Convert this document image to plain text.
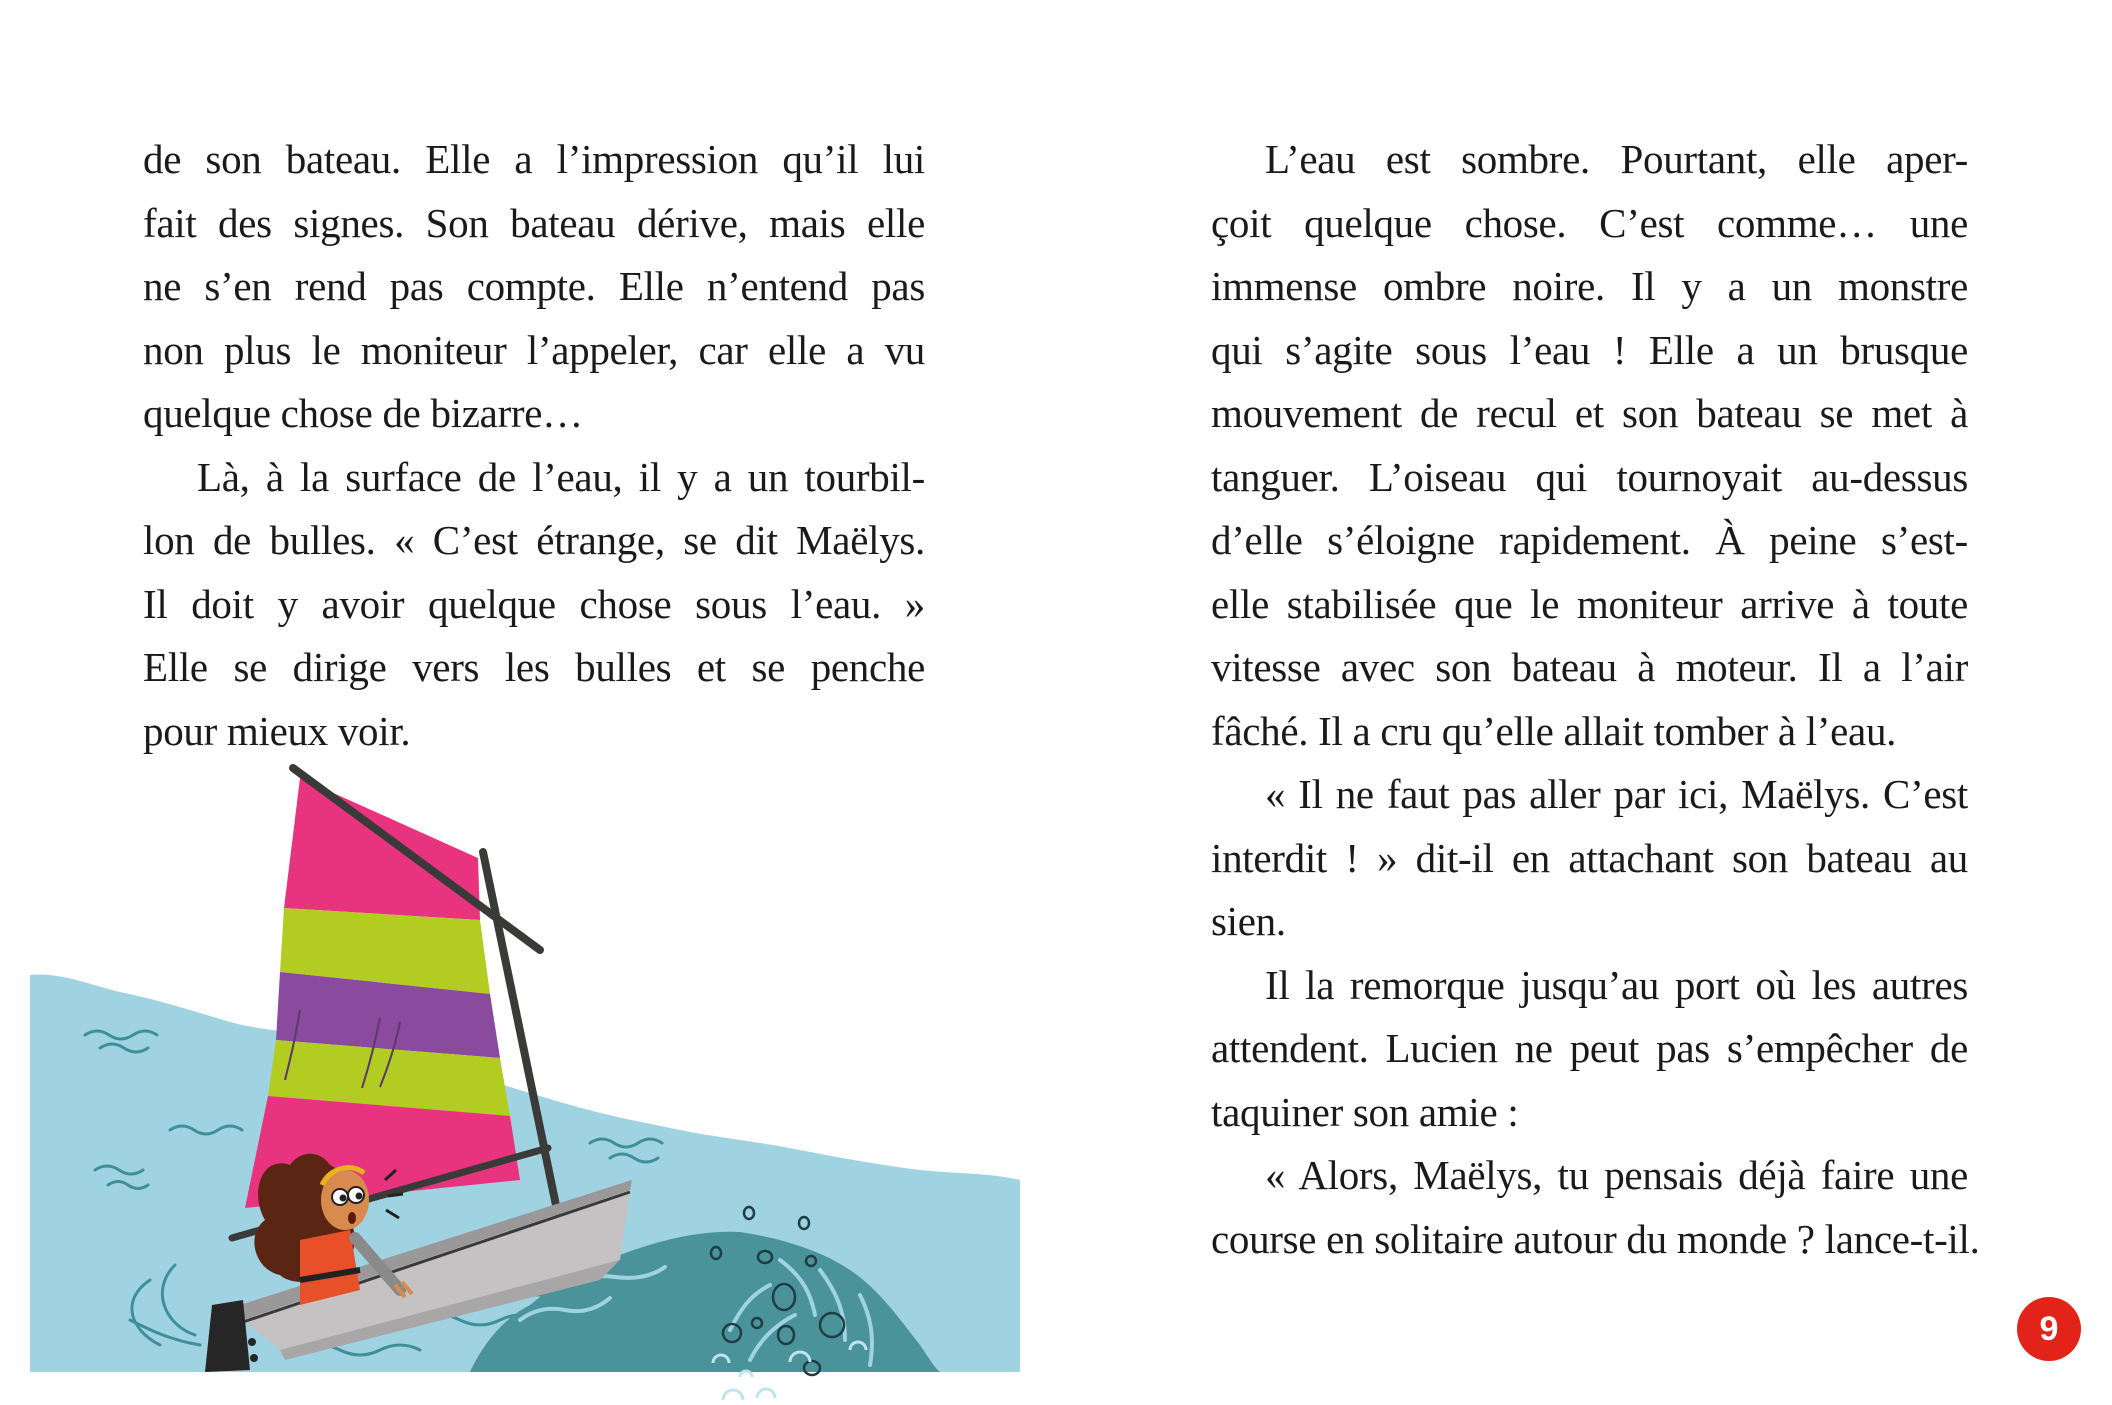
de son bateau. Elle a l’impression qu’il lui
fait des signes. Son bateau dérive, mais elle
ne s’en rend pas compte. Elle n’entend pas
non plus le moniteur l’appeler, car elle a vu
quelque chose de bizarre…
Là, à la surface de l’eau, il y a un tourbil-
lon de bulles. « C’est étrange, se dit Maëlys.
Il doit y avoir quelque chose sous l’eau. »
Elle se dirige vers les bulles et se penche
pour mieux voir.
L’eau est sombre. Pourtant, elle aper-
çoit quelque chose. C’est comme… une
immense ombre noire. Il y a un monstre
qui s’agite sous l’eau ! Elle a un brusque
mouvement de recul et son bateau se met à
tanguer. L’oiseau qui tournoyait au-dessus
d’elle s’éloigne rapidement. À peine s’est-
elle stabilisée que le moniteur arrive à toute
vitesse avec son bateau à moteur. Il a l’air
fâché. Il a cru qu’elle allait tomber à l’eau.
« Il ne faut pas aller par ici, Maëlys. C’est
interdit ! » dit-il en attachant son bateau au
sien.
Il la remorque jusqu’au port où les autres
attendent. Lucien ne peut pas s’empêcher de
taquiner son amie :
« Alors, Maëlys, tu pensais déjà faire une
course en solitaire autour du monde ? lance-t-il.
9
